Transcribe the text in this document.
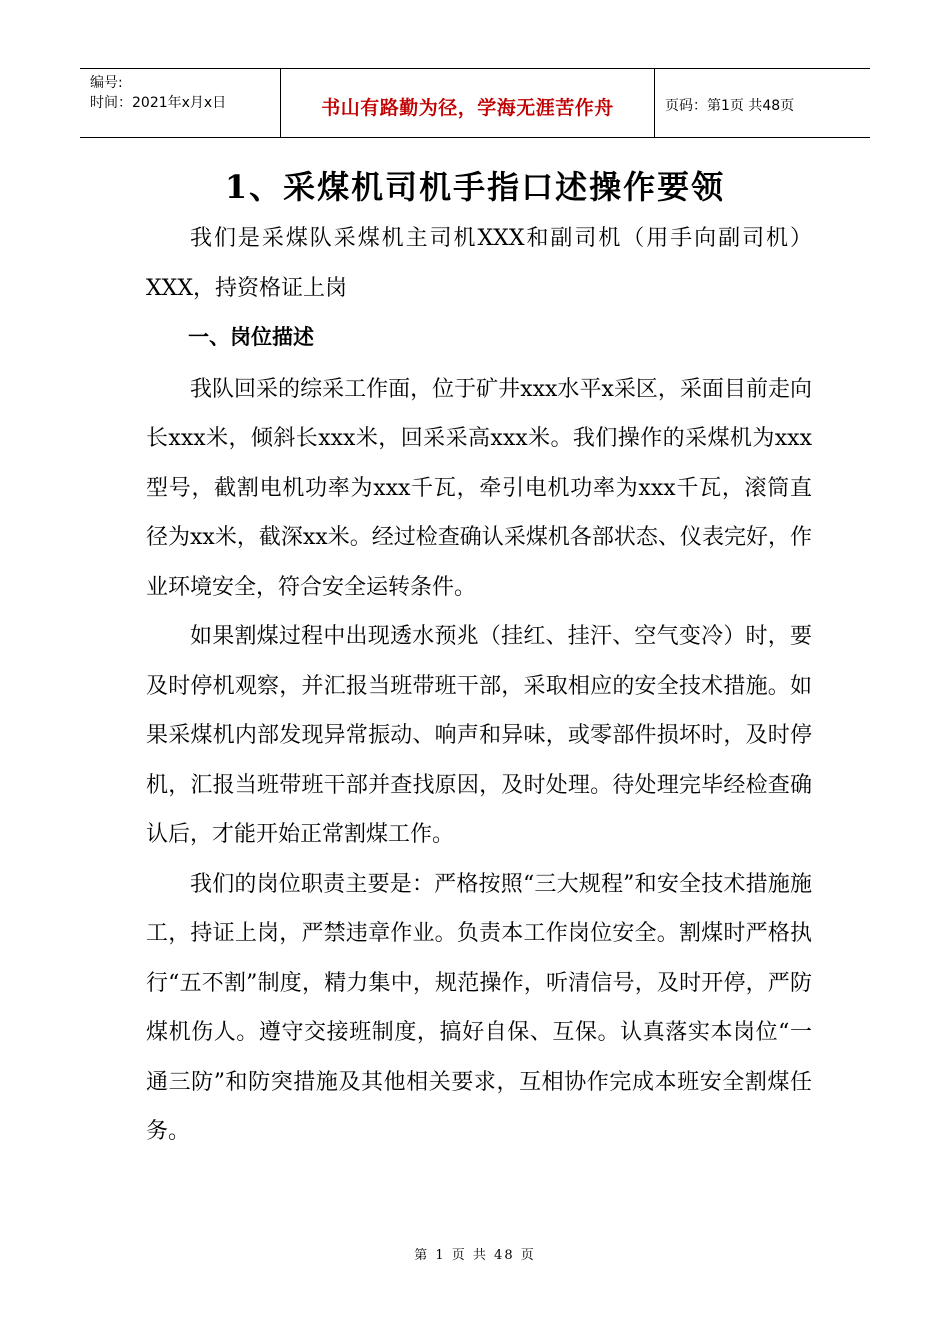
编号:
时间：2021年x月x日	书山有路勤为径，学海无涯苦作舟	页码：第1页 共48页
1、采煤机司机手指口述操作要领

我们是采煤队采煤机主司机XXX和副司机（用手向副司机）XXX，持资格证上岗

一、岗位描述

我队回采的综采工作面，位于矿井xxx水平x采区，采面目前走向长xxx米，倾斜长xxx米，回采采高xxx米。我们操作的采煤机为xxx型号，截割电机功率为xxx千瓦，牵引电机功率为xxx千瓦，滚筒直径为xx米，截深xx米。经过检查确认采煤机各部状态、仪表完好，作业环境安全，符合安全运转条件。

如果割煤过程中出现透水预兆（挂红、挂汗、空气变冷）时，要及时停机观察，并汇报当班带班干部，采取相应的安全技术措施。如果采煤机内部发现异常振动、响声和异味，或零部件损坏时，及时停机，汇报当班带班干部并查找原因，及时处理。待处理完毕经检查确认后，才能开始正常割煤工作。

我们的岗位职责主要是：严格按照“三大规程”和安全技术措施施工，持证上岗，严禁违章作业。负责本工作岗位安全。割煤时严格执行“五不割”制度，精力集中，规范操作，听清信号，及时开停，严防煤机伤人。遵守交接班制度，搞好自保、互保。认真落实本岗位“一通三防”和防突措施及其他相关要求，互相协作完成本班安全割煤任务。

第 1 页 共 48 页
